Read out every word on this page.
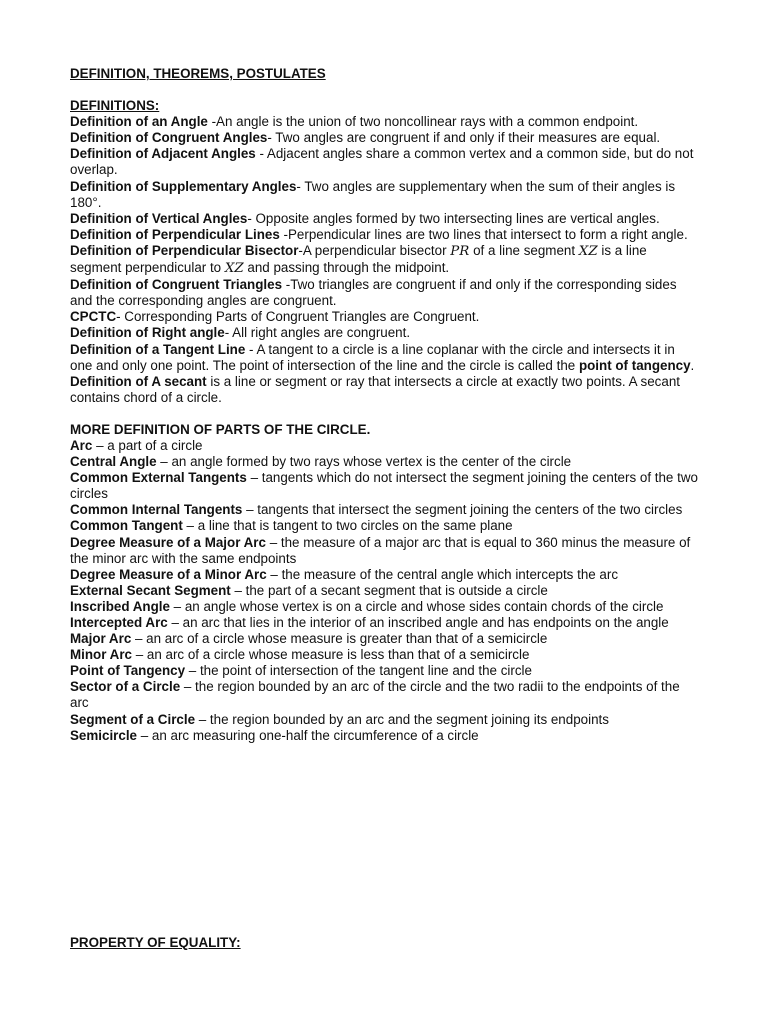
DEFINITION, THEOREMS, POSTULATES
DEFINITIONS:

Definition of an Angle -An angle is the union of two noncollinear rays with a common endpoint.

Definition of Congruent Angles- Two angles are congruent if and only if their measures are equal.

Definition of Adjacent Angles - Adjacent angles share a common vertex and a common side, but do not overlap.

Definition of Supplementary Angles- Two angles are supplementary when the sum of their angles is 180°.

Definition of Vertical Angles- Opposite angles formed by two intersecting lines are vertical angles.

Definition of Perpendicular Lines -Perpendicular lines are two lines that intersect to form a right angle.

Definition of Perpendicular Bisector-A perpendicular bisector PR of a line segment XZ is a line segment perpendicular to XZ and passing through the midpoint.

Definition of Congruent Triangles -Two triangles are congruent if and only if the corresponding sides and the corresponding angles are congruent.

CPCTC- Corresponding Parts of Congruent Triangles are Congruent.

Definition of Right angle- All right angles are congruent.

Definition of a Tangent Line - A tangent to a circle is a line coplanar with the circle and intersects it in one and only one point. The point of intersection of the line and the circle is called the point of tangency.

Definition of A secant is a line or segment or ray that intersects a circle at exactly two points. A secant contains chord of a circle.

MORE DEFINITION OF PARTS OF THE CIRCLE.

Arc – a part of a circle

Central Angle – an angle formed by two rays whose vertex is the center of the circle

Common External Tangents – tangents which do not intersect the segment joining the centers of the two circles

Common Internal Tangents – tangents that intersect the segment joining the centers of the two circles

Common Tangent – a line that is tangent to two circles on the same plane

Degree Measure of a Major Arc – the measure of a major arc that is equal to 360 minus the measure of the minor arc with the same endpoints

Degree Measure of a Minor Arc – the measure of the central angle which intercepts the arc

External Secant Segment – the part of a secant segment that is outside a circle

Inscribed Angle – an angle whose vertex is on a circle and whose sides contain chords of the circle

Intercepted Arc – an arc that lies in the interior of an inscribed angle and has endpoints on the angle

Major Arc – an arc of a circle whose measure is greater than that of a semicircle

Minor Arc – an arc of a circle whose measure is less than that of a semicircle

Point of Tangency – the point of intersection of the tangent line and the circle

Sector of a Circle – the region bounded by an arc of the circle and the two radii to the endpoints of the arc

Segment of a Circle – the region bounded by an arc and the segment joining its endpoints

Semicircle – an arc measuring one-half the circumference of a circle

PROPERTY OF EQUALITY:
